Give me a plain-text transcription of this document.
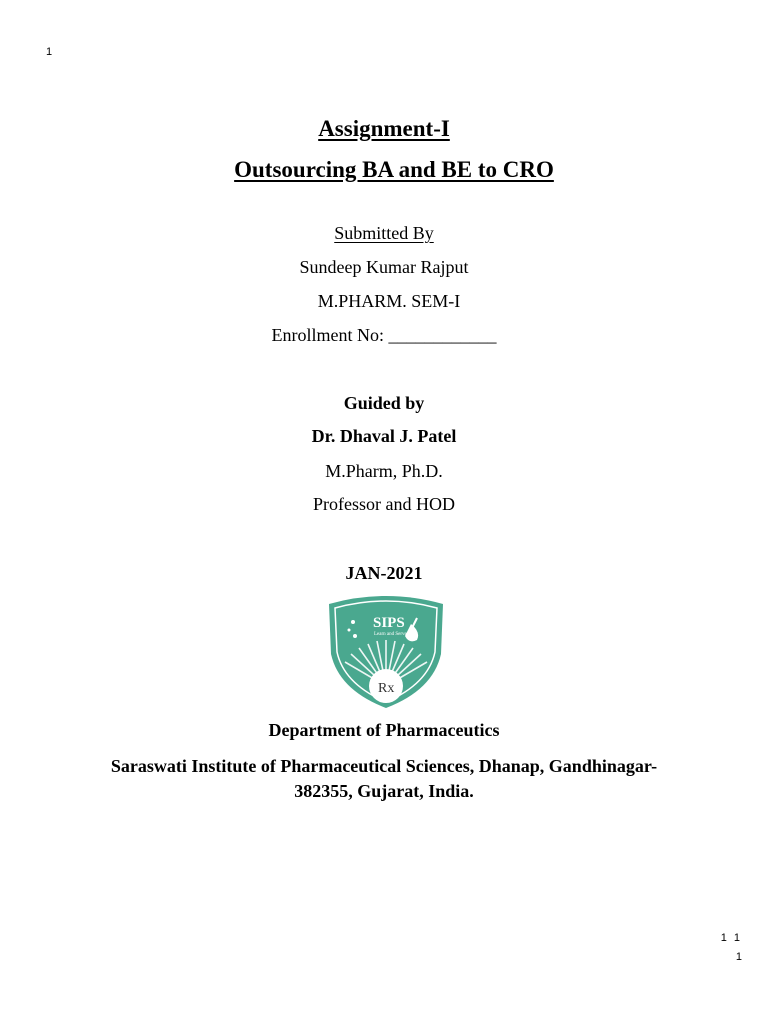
1
Assignment-I
Outsourcing BA and BE to CRO
Submitted By
Sundeep Kumar Rajput
M.PHARM. SEM-I
Enrollment No: ____________
Guided by
Dr. Dhaval J. Patel
M.Pharm, Ph.D.
Professor and HOD
JAN-2021
SIPS
Learn and Serve
Rx
Department of Pharmaceutics
Saraswati Institute of Pharmaceutical Sciences, Dhanap, Gandhinagar-
382355, Gujarat, India.
1 1
1
